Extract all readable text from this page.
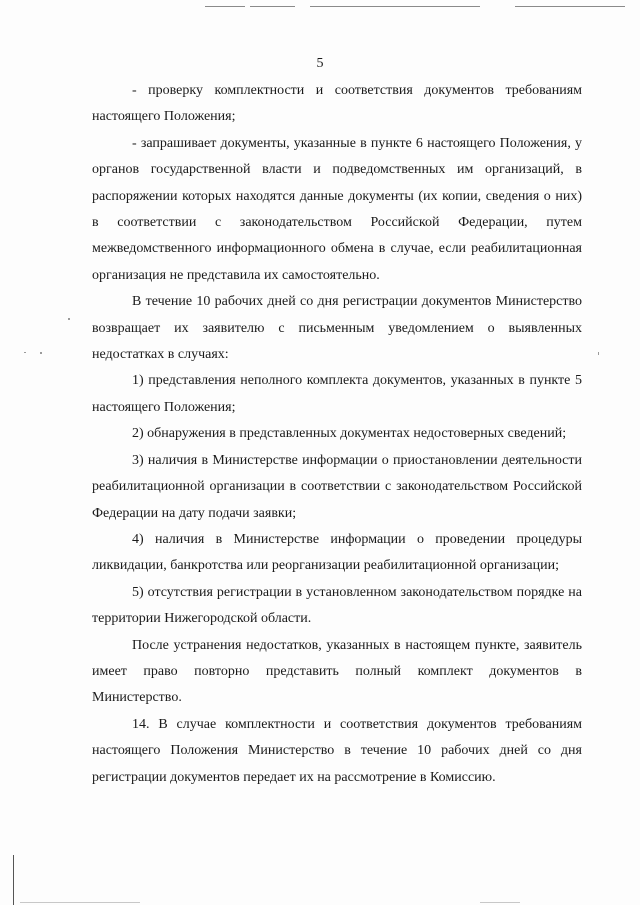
5

- проверку комплектности и соответствия документов требованиям настоящего Положения;

- запрашивает документы, указанные в пункте 6 настоящего Положения, у органов государственной власти и подведомственных им организаций, в распоряжении которых находятся данные документы (их копии, сведения о них) в соответствии с законодательством Российской Федерации, путем межведомственного информационного обмена в случае, если реабилитационная организация не представила их самостоятельно.

В течение 10 рабочих дней со дня регистрации документов Министерство возвращает их заявителю с письменным уведомлением о выявленных недостатках в случаях:

1) представления неполного комплекта документов, указанных в пункте 5 настоящего Положения;

2) обнаружения в представленных документах недостоверных сведений;

3) наличия в Министерстве информации о приостановлении деятельности реабилитационной организации в соответствии с законодательством Российской Федерации на дату подачи заявки;

4) наличия в Министерстве информации о проведении процедуры ликвидации, банкротства или реорганизации реабилитационной организации;

5) отсутствия регистрации в установленном законодательством порядке на территории Нижегородской области.

После устранения недостатков, указанных в настоящем пункте, заявитель имеет право повторно представить полный комплект документов в Министерство.

14. В случае комплектности и соответствия документов требованиям настоящего Положения Министерство в течение 10 рабочих дней со дня регистрации документов передает их на рассмотрение в Комиссию.
